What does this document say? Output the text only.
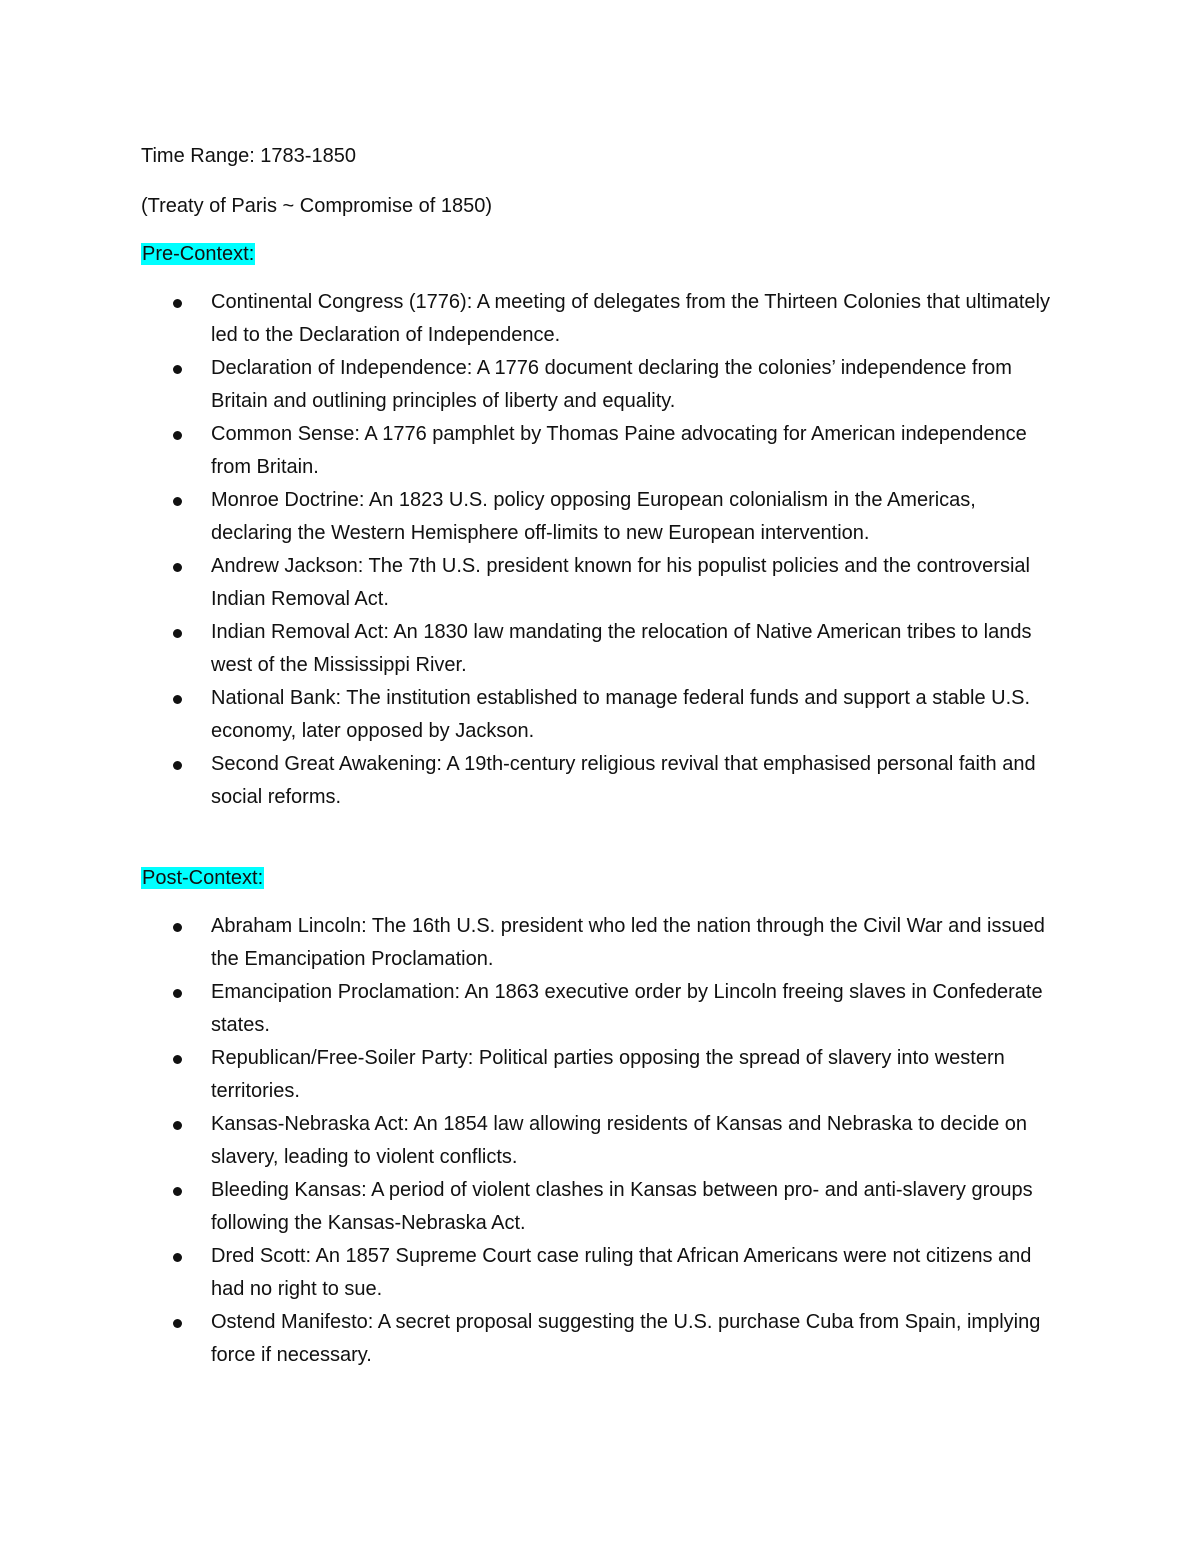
Time Range: 1783-1850
(Treaty of Paris ~ Compromise of 1850)
Pre-Context:
Continental Congress (1776): A meeting of delegates from the Thirteen Colonies that ultimately led to the Declaration of Independence.
Declaration of Independence: A 1776 document declaring the colonies’ independence from Britain and outlining principles of liberty and equality.
Common Sense: A 1776 pamphlet by Thomas Paine advocating for American independence from Britain.
Monroe Doctrine: An 1823 U.S. policy opposing European colonialism in the Americas, declaring the Western Hemisphere off-limits to new European intervention.
Andrew Jackson: The 7th U.S. president known for his populist policies and the controversial Indian Removal Act.
Indian Removal Act: An 1830 law mandating the relocation of Native American tribes to lands west of the Mississippi River.
National Bank: The institution established to manage federal funds and support a stable U.S. economy, later opposed by Jackson.
Second Great Awakening: A 19th-century religious revival that emphasised personal faith and social reforms.
Post-Context:
Abraham Lincoln: The 16th U.S. president who led the nation through the Civil War and issued the Emancipation Proclamation.
Emancipation Proclamation: An 1863 executive order by Lincoln freeing slaves in Confederate states.
Republican/Free-Soiler Party: Political parties opposing the spread of slavery into western territories.
Kansas-Nebraska Act: An 1854 law allowing residents of Kansas and Nebraska to decide on slavery, leading to violent conflicts.
Bleeding Kansas: A period of violent clashes in Kansas between pro- and anti-slavery groups following the Kansas-Nebraska Act.
Dred Scott: An 1857 Supreme Court case ruling that African Americans were not citizens and had no right to sue.
Ostend Manifesto: A secret proposal suggesting the U.S. purchase Cuba from Spain, implying force if necessary.
